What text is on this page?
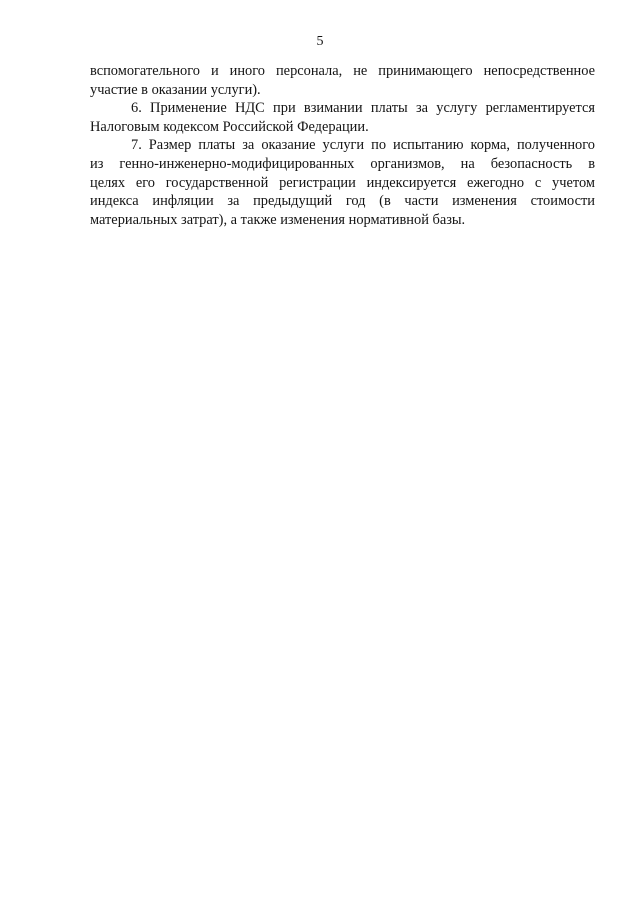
5

вспомогательного и иного персонала, не принимающего непосредственное
участие в оказании услуги).

6. Применение НДС при взимании платы за услугу регламентируется
Налоговым кодексом Российской Федерации.

7. Размер платы за оказание услуги по испытанию корма, полученного
из генно-инженерно-модифицированных организмов, на безопасность в
целях его государственной регистрации индексируется ежегодно с учетом
индекса инфляции за предыдущий год (в части изменения стоимости
материальных затрат), а также изменения нормативной базы.
